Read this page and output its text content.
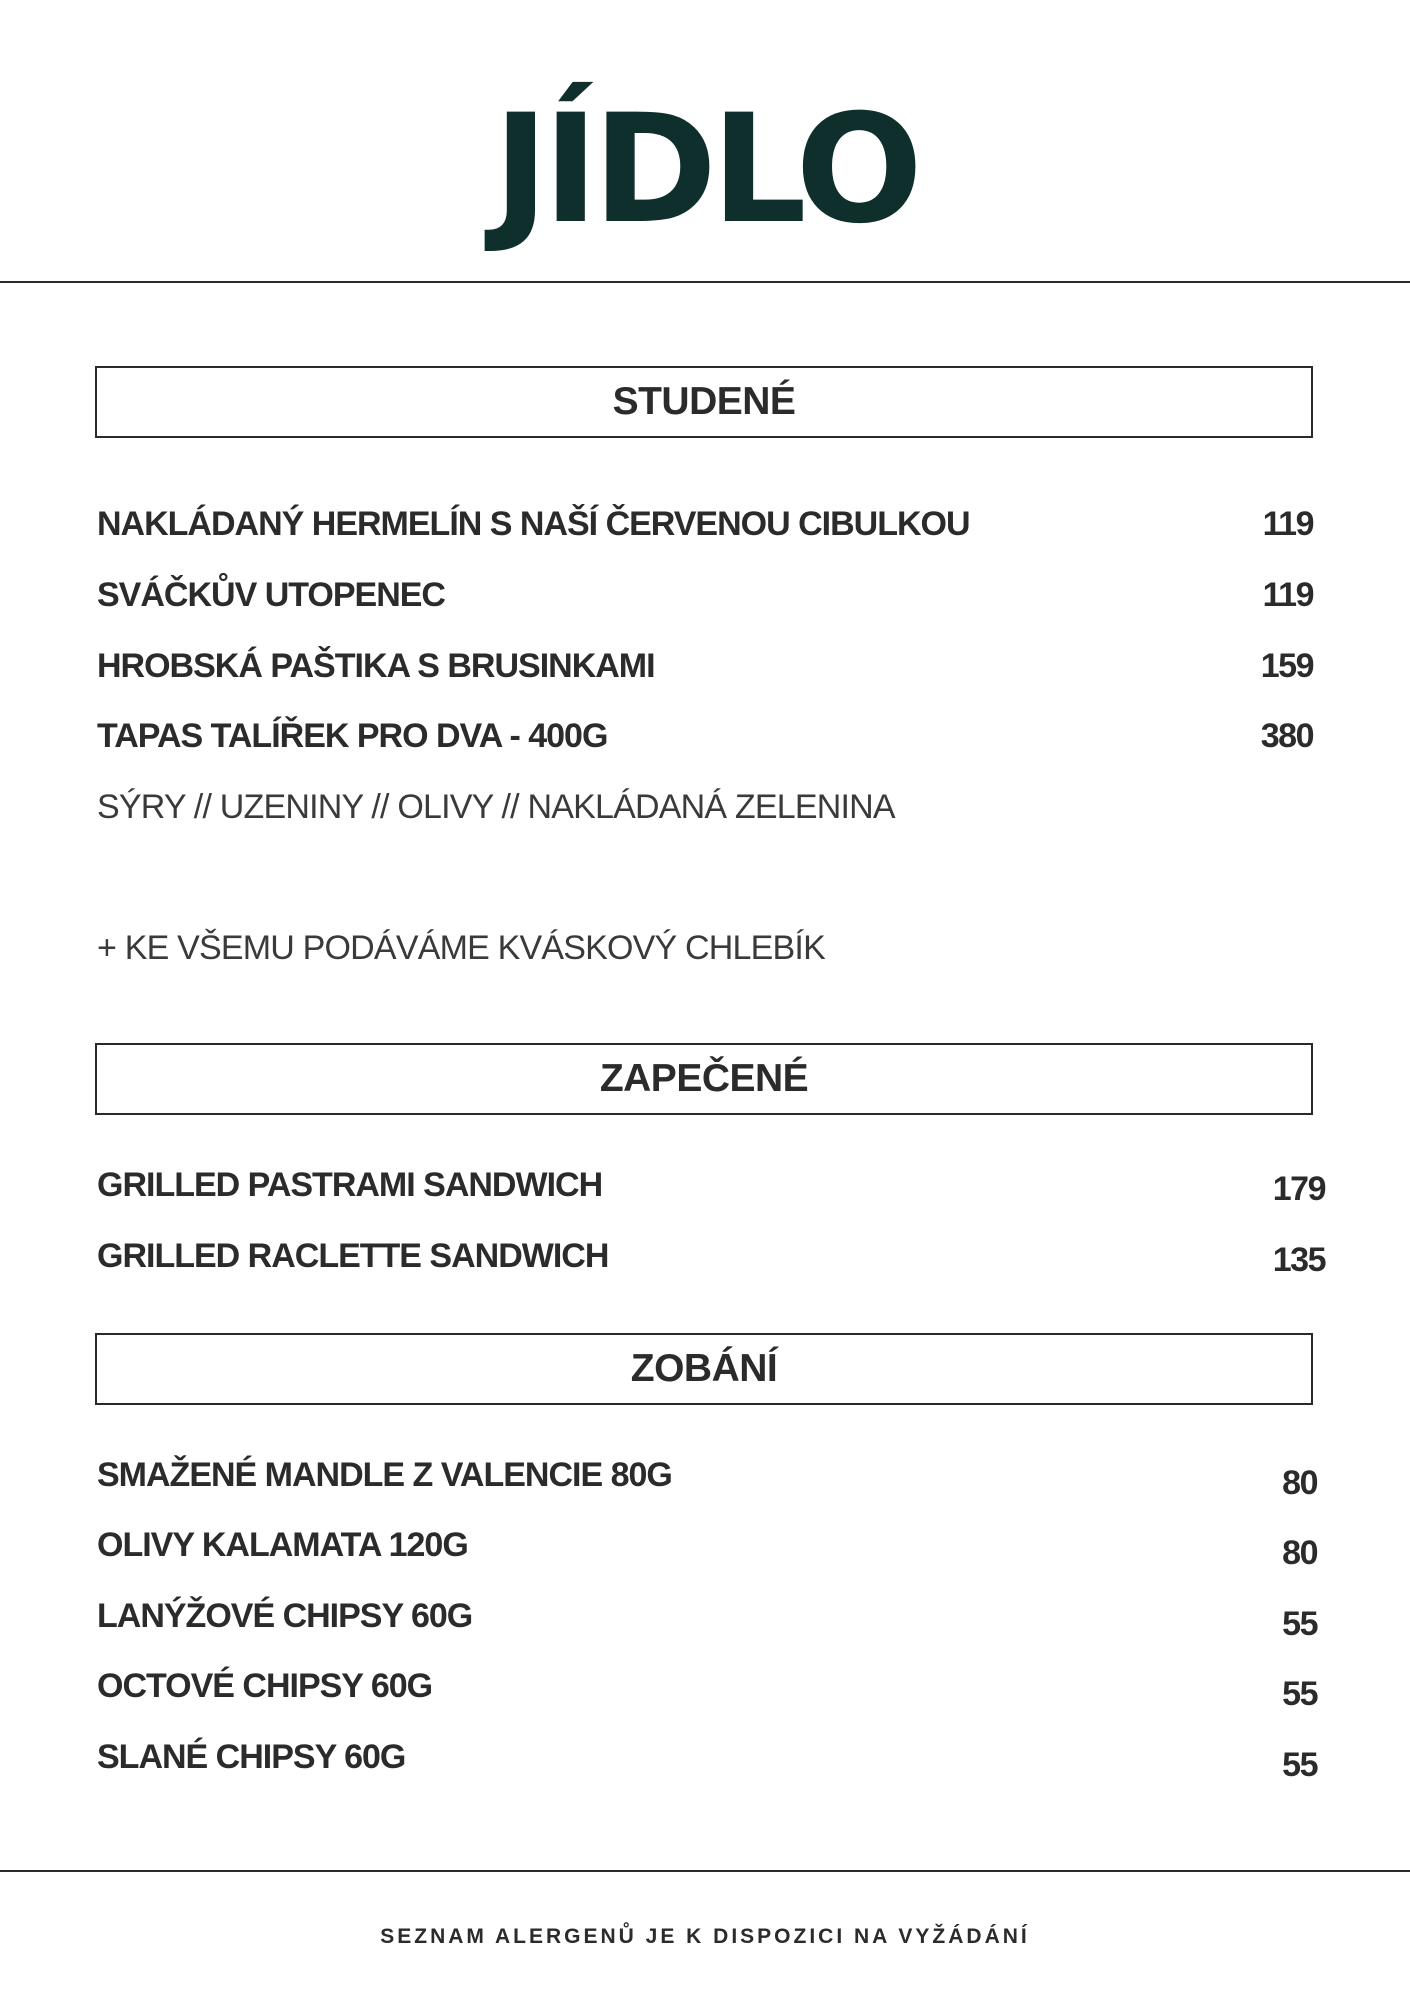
JÍDLO
STUDENÉ
NAKLÁDANÝ HERMELÍN S NAŠÍ ČERVENOU CIBULKOU	119
SVÁČKŮV UTOPENEC	119
HROBSKÁ PAŠTIKA S BRUSINKAMI	159
TAPAS TALÍŘEK PRO DVA - 400G	380
SÝRY // UZENINY // OLIVY // NAKLÁDANÁ ZELENINA
+ KE VŠEMU PODÁVÁME KVÁSKOVÝ CHLEBÍK
ZAPEČENÉ
GRILLED PASTRAMI SANDWICH	179
GRILLED RACLETTE SANDWICH	135
ZOBÁNÍ
SMAŽENÉ MANDLE Z VALENCIE 80G	80
OLIVY KALAMATA 120G	80
LANÝŽOVÉ CHIPSY 60G	55
OCTOVÉ CHIPSY 60G	55
SLANÉ CHIPSY 60G	55
SEZNAM ALERGENŮ JE K DISPOZICI NA VYŽÁDÁNÍ
